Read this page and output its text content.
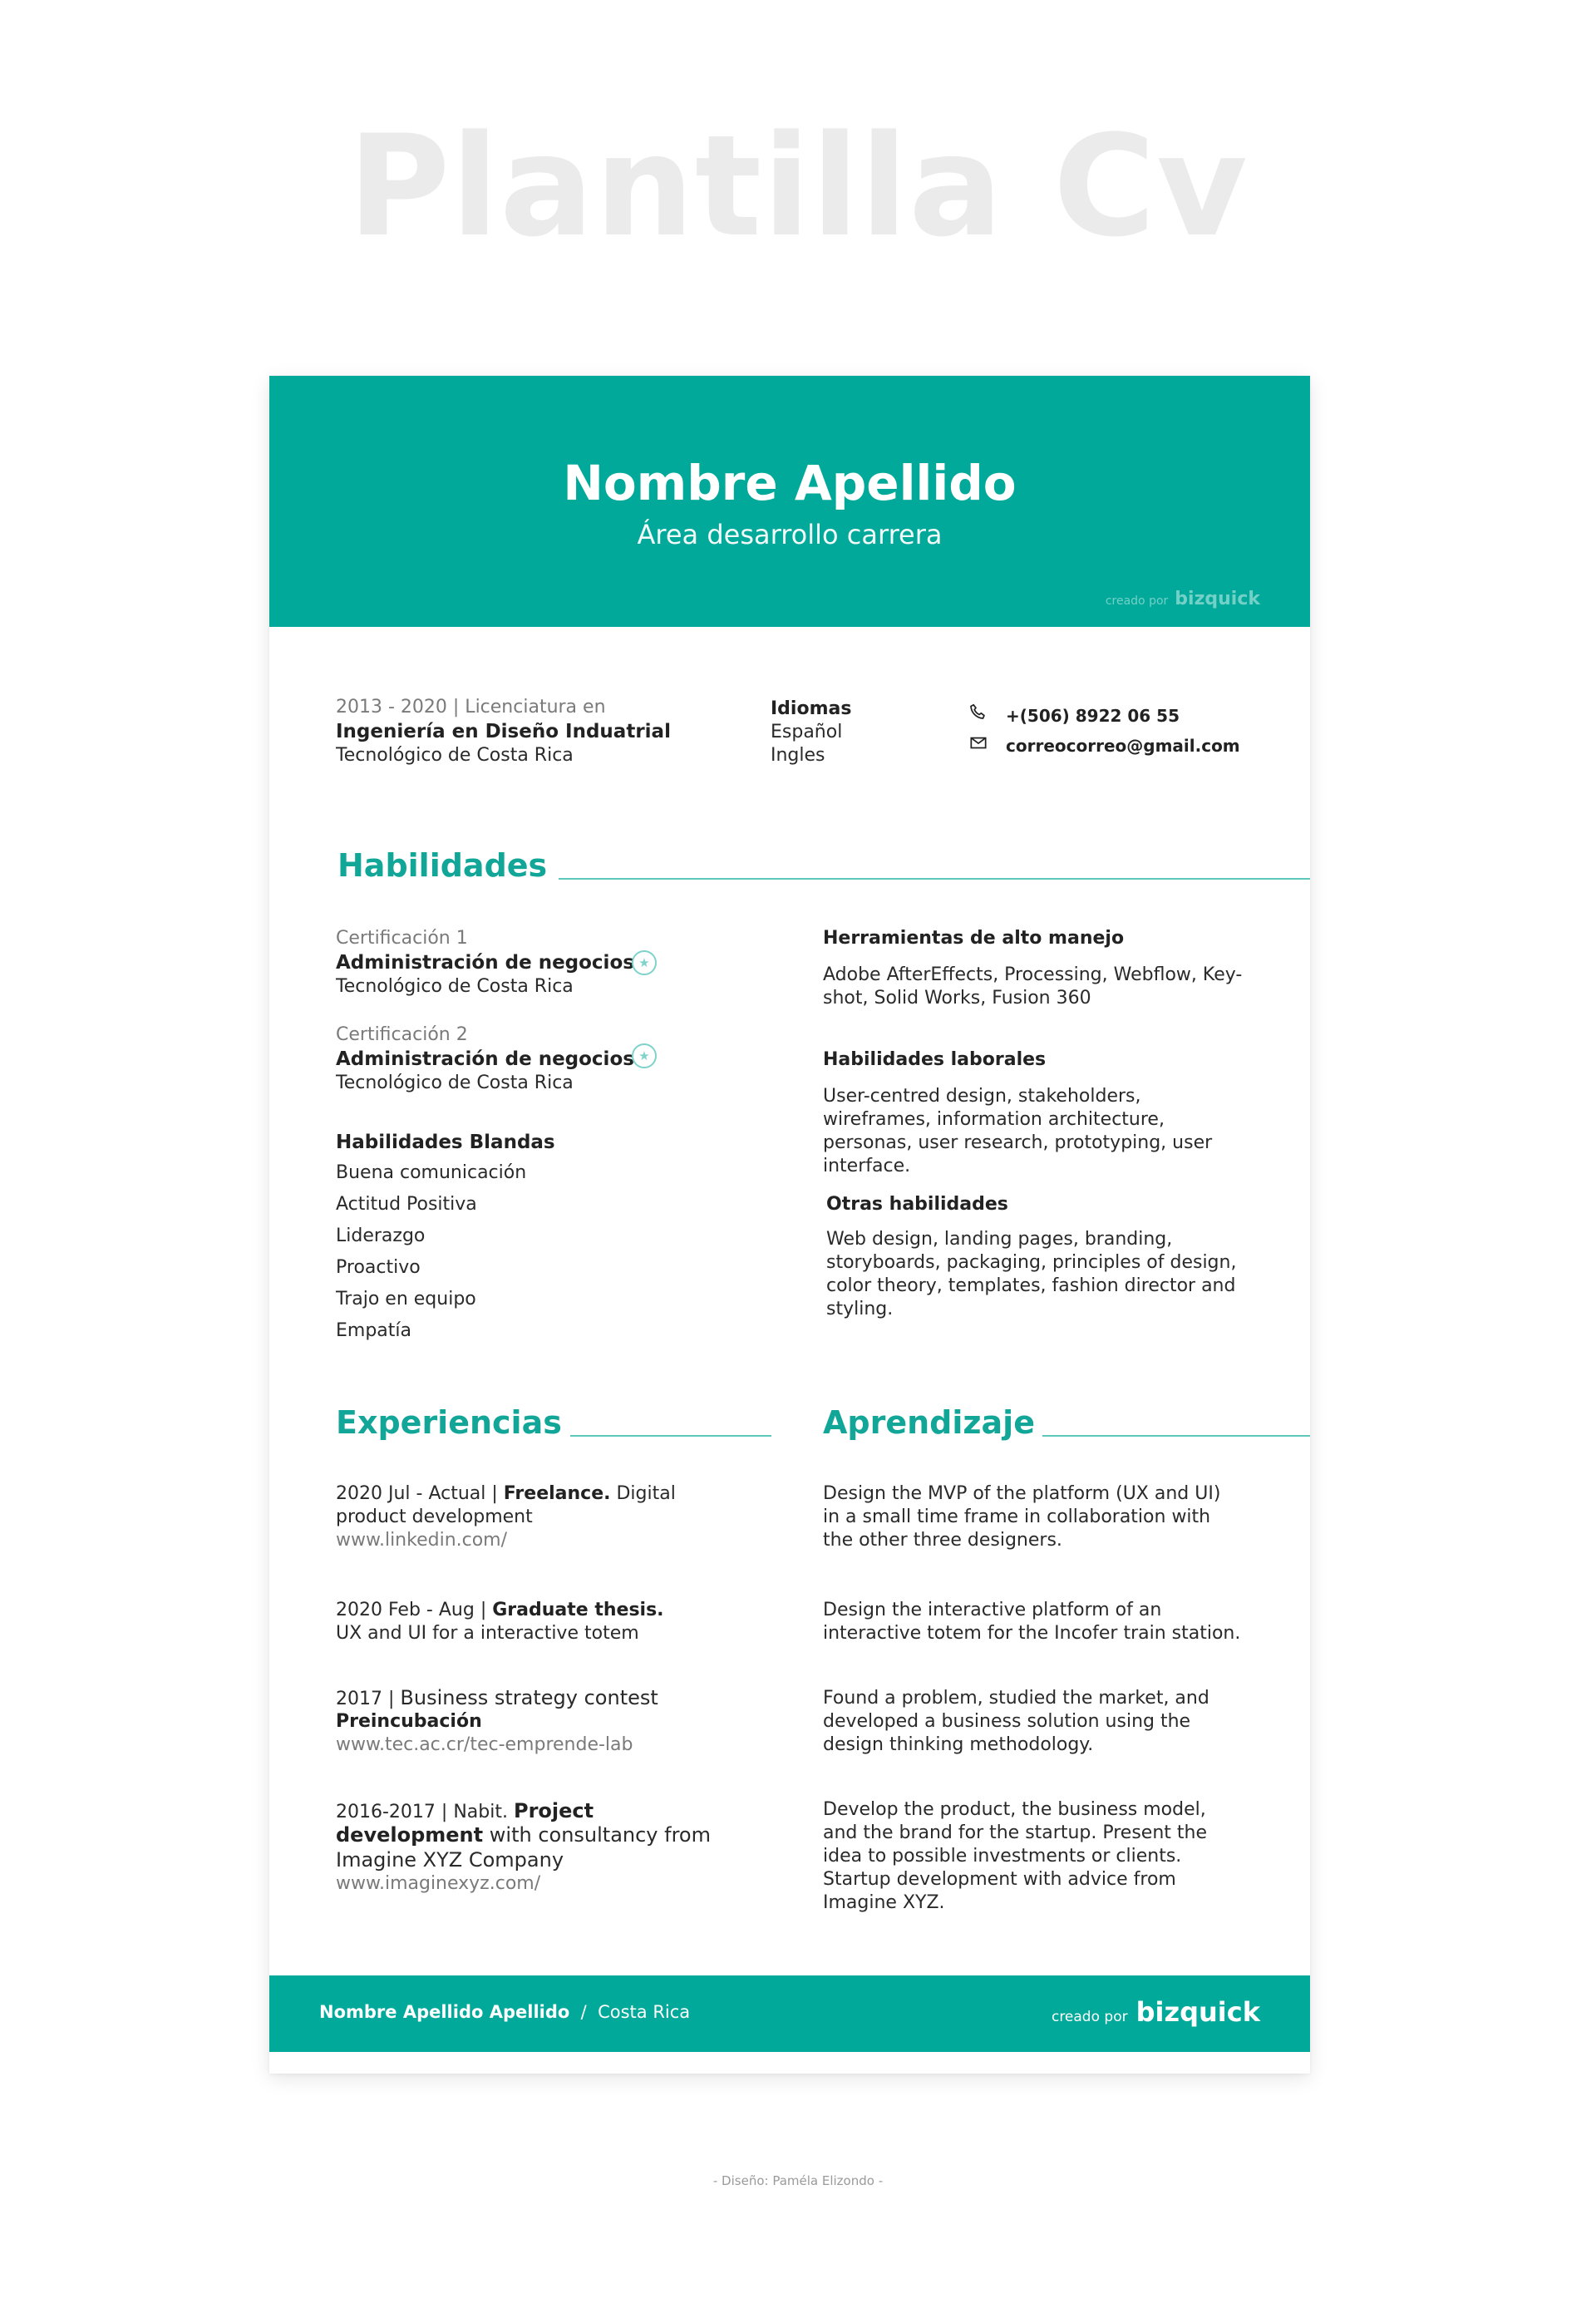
Plantilla Cv
Nombre Apellido
Área desarrollo carrera
creado por bizquick
2013 - 2020 | Licenciatura en
Ingeniería en Diseño Induatrial
Tecnológico de Costa Rica
Idiomas
Español
Ingles
+(506) 8922 06 55
correocorreo@gmail.com
Habilidades
Certificación 1
Administración de negocios
Tecnológico de Costa Rica
★
Certificación 2
Administración de negocios
Tecnológico de Costa Rica
★
Habilidades Blandas
Buena comunicación
Actitud Positiva
Liderazgo
Proactivo
Trajo en equipo
Empatía
Herramientas de alto manejo
Adobe AfterEffects, Processing, Webflow, Key-
shot, Solid Works, Fusion 360
Habilidades laborales
User-centred design, stakeholders,
wireframes, information architecture,
personas, user research, prototyping, user
interface.
Otras habilidades
Web design, landing pages, branding,
storyboards, packaging, principles of design,
color theory, templates, fashion director and
styling.
Experiencias
2020 Jul - Actual | Freelance. Digital
product development
www.linkedin.com/
2020 Feb - Aug | Graduate thesis.
UX and UI for a interactive totem
2017 | Business strategy contest
Preincubación
www.tec.ac.cr/tec-emprende-lab
2016-2017 | Nabit. Project
development with consultancy from
Imagine XYZ Company
www.imaginexyz.com/
Aprendizaje
Design the MVP of the platform (UX and UI)
in a small time frame in collaboration with
the other three designers.
Design the interactive platform of an
interactive totem for the Incofer train station.
Found a problem, studied the market, and
developed a business solution using the
design thinking methodology.
Develop the product, the business model,
and the brand for the startup. Present the
idea to possible investments or clients.
Startup development with advice from
Imagine XYZ.
Nombre Apellido Apellido / Costa Rica	creado por bizquick
- Diseño: Paméla Elizondo -
